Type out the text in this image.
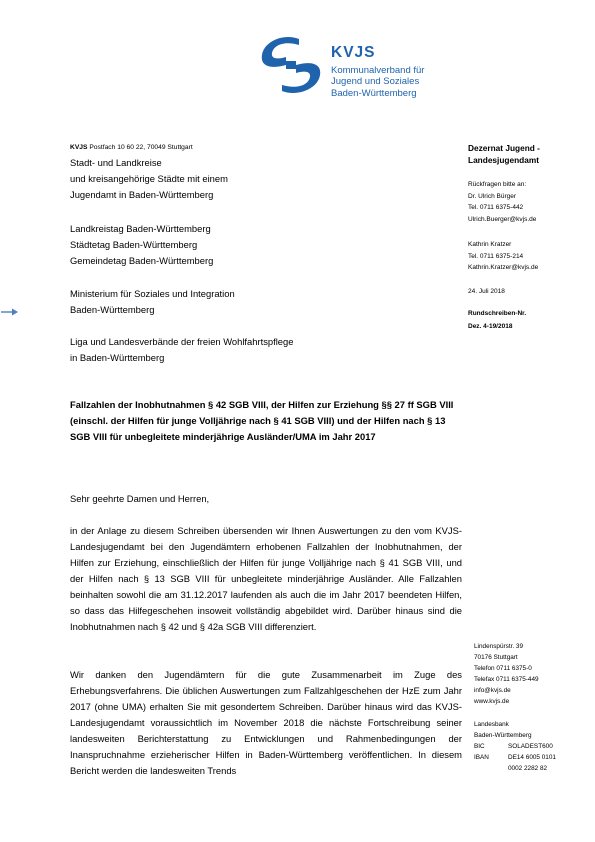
KVJS
Kommunalverband für
Jugend und Soziales
Baden-Württemberg
KVJS Postfach 10 60 22, 70049 Stuttgart
Stadt- und Landkreise
und kreisangehörige Städte mit einem
Jugendamt in Baden-Württemberg
Landkreistag Baden-Württemberg
Städtetag Baden-Württemberg
Gemeindetag Baden-Württemberg
Ministerium für Soziales und Integration
Baden-Württemberg
Liga und Landesverbände der freien Wohlfahrtspflege
in Baden-Württemberg
Dezernat Jugend - Landesjugendamt
Rückfragen bitte an:
Dr. Ulrich Bürger
Tel. 0711 6375-442
Ulrich.Buerger@kvjs.de
Kathrin Kratzer
Tel. 0711 6375-214
Kathrin.Kratzer@kvjs.de
24. Juli 2018
Rundschreiben-Nr.
Dez. 4-19/2018
Fallzahlen der Inobhutnahmen § 42 SGB VIII, der Hilfen zur Erziehung §§ 27 ff SGB VIII (einschl. der Hilfen für junge Volljährige nach § 41 SGB VIII) und der Hilfen nach § 13 SGB VIII für unbegleitete minderjährige Ausländer/UMA im Jahr 2017
Sehr geehrte Damen und Herren,
in der Anlage zu diesem Schreiben übersenden wir Ihnen Auswertungen zu den vom KVJS-Landesjugendamt bei den Jugendämtern erhobenen Fallzahlen der Inobhutnahmen, der Hilfen zur Erziehung, einschließlich der Hilfen für junge Volljährige nach § 41 SGB VIII, und der Hilfen nach § 13 SGB VIII für unbegleitete minderjährige Ausländer. Alle Fallzahlen beinhalten sowohl die am 31.12.2017 laufenden als auch die im Jahr 2017 beendeten Hilfen, so dass das Hilfegeschehen insoweit vollständig abgebildet wird. Darüber hinaus sind die Inobhutnahmen nach § 42 und § 42a SGB VIII differenziert.
Wir danken den Jugendämtern für die gute Zusammenarbeit im Zuge des Erhebungsverfahrens. Die üblichen Auswertungen zum Fallzahlgeschehen der HzE zum Jahr 2017 (ohne UMA) erhalten Sie mit gesondertem Schreiben. Darüber hinaus wird das KVJS-Landesjugendamt voraussichtlich im November 2018 die nächste Fortschreibung seiner landesweiten Berichterstattung zu Entwicklungen und Rahmenbedingungen der Inanspruchnahme erzieherischer Hilfen in Baden-Württemberg veröffentlichen. In diesem Bericht werden die landesweiten Trends
Lindenspürstr. 39
70176 Stuttgart
Telefon 0711 6375-0
Telefax 0711 6375-449
info@kvjs.de
www.kvjs.de
Landesbank
Baden-Württemberg
BIC	SOLADEST600
IBAN	DE14 6005 0101
0002 2282 82
